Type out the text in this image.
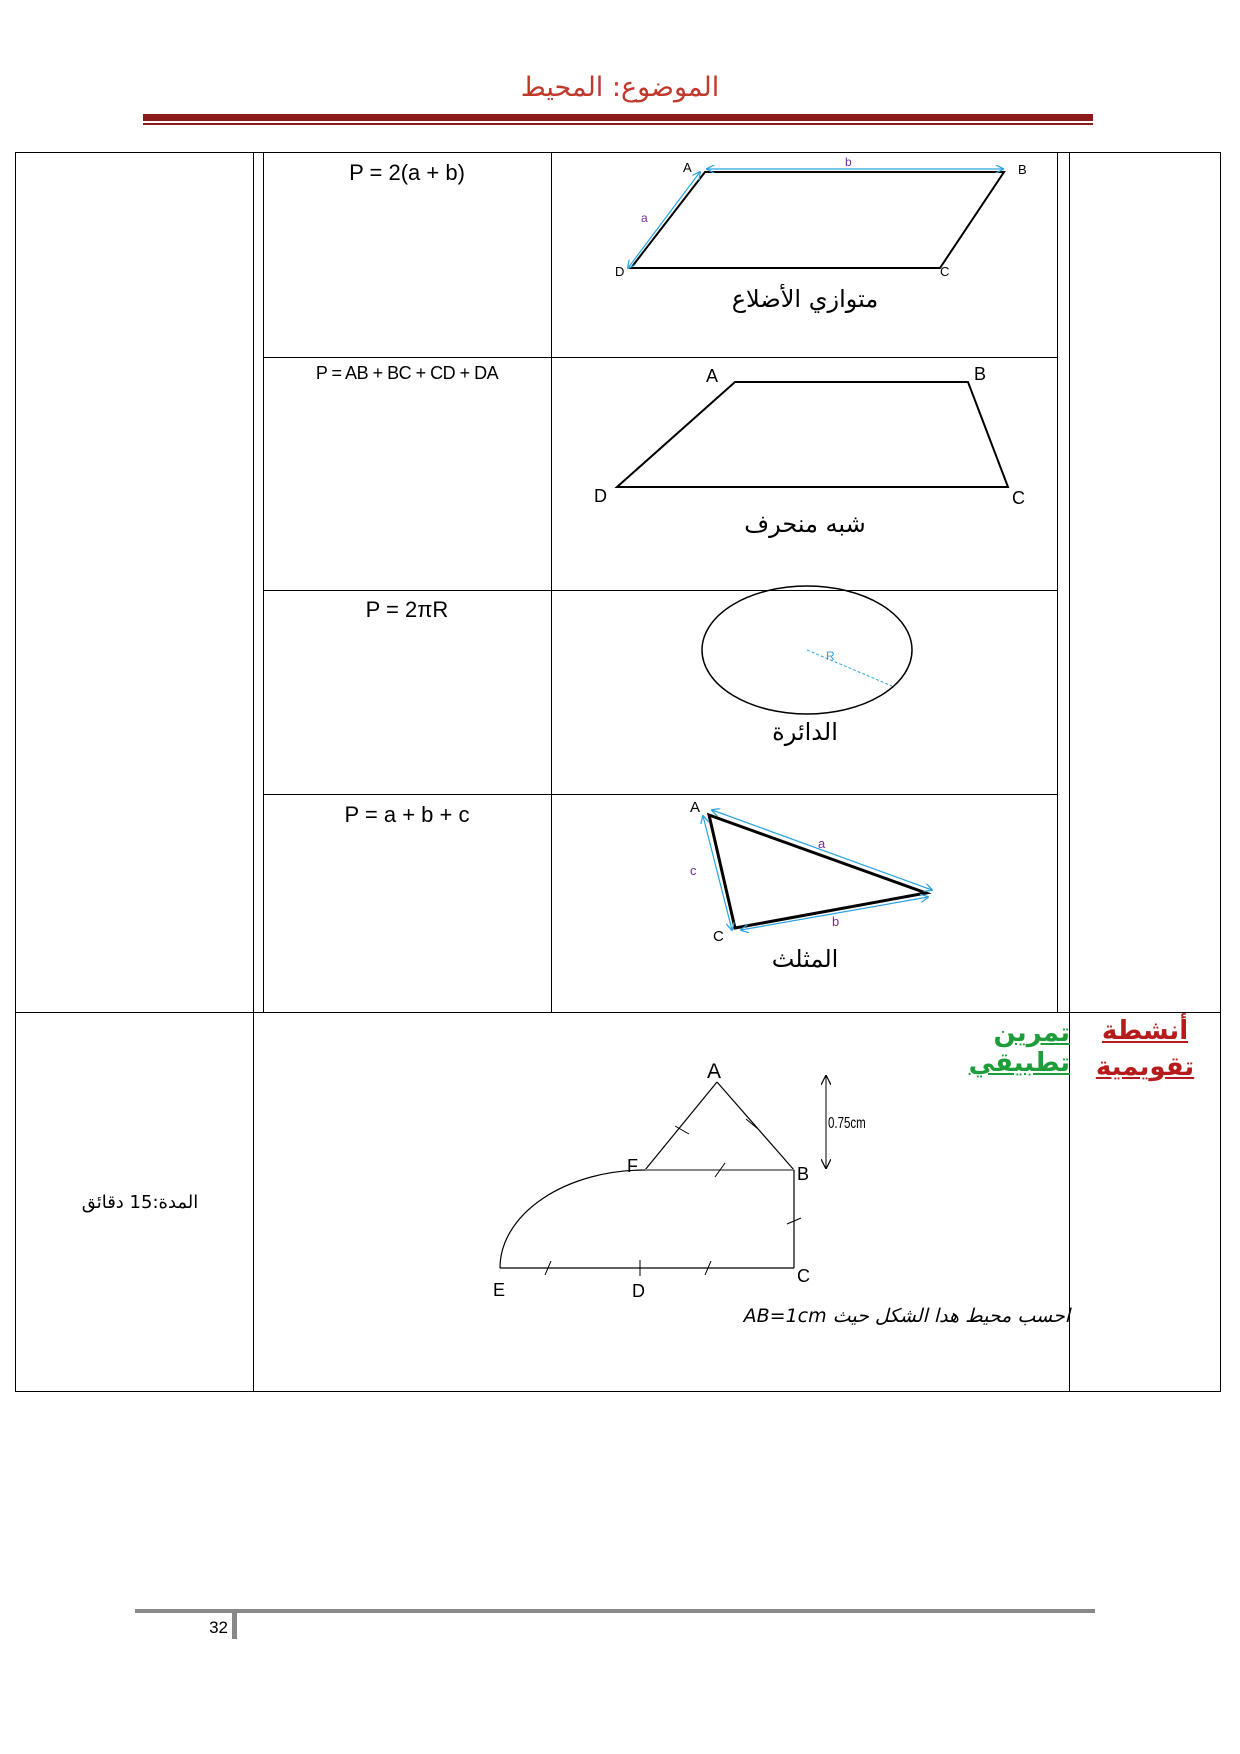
الموضوع: المحيط
P = 2(a + b)
P = AB + BC + CD + DA
P = 2πR
P = a + b + c
متوازي الأضلاع
شبه منحرف
الدائرة
المثلث
A	B
C
D
b
a
A	B
C
D
R
A
C
a
b
c
0.75cm
A
B
C
D
E
F
تمرين تطبيقي
أنشطة تقويمية
المدة:15 دقائق
احسب محيط هدا الشكل حيث AB=1cm
32
